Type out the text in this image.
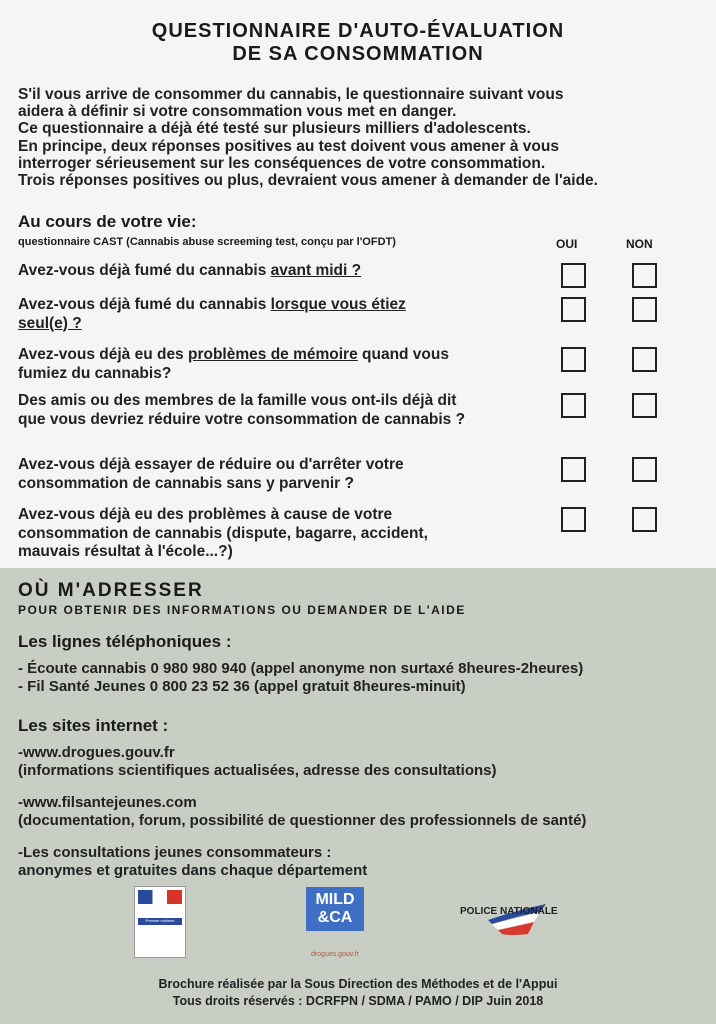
QUESTIONNAIRE D'AUTO-ÉVALUATION
DE SA CONSOMMATION
S'il vous arrive de consommer du cannabis, le questionnaire suivant vous
aidera à définir si votre consommation vous met en danger.
Ce questionnaire a déjà été testé sur plusieurs milliers d'adolescents.
En principe, deux réponses positives au test doivent vous amener à vous
interroger sérieusement sur les conséquences de votre consommation.
Trois réponses positives ou plus, devraient vous amener à demander de l'aide.
Au cours de votre vie:
questionnaire CAST (Cannabis abuse screeming test, conçu par l'OFDT)	OUI	NON
Avez-vous déjà fumé du cannabis avant midi ?
Avez-vous déjà fumé du cannabis lorsque vous étiez seul(e) ?
Avez-vous déjà eu des problèmes de mémoire quand vous fumiez du cannabis?
Des amis ou des membres de la famille vous ont-ils déjà dit que vous devriez réduire votre consommation de cannabis ?
Avez-vous déjà essayer de réduire ou d'arrêter votre consommation de cannabis sans y parvenir ?
Avez-vous déjà eu des problèmes à cause de votre consommation de cannabis (dispute, bagarre, accident, mauvais résultat à l'école...?)
OÙ M'ADRESSER
POUR OBTENIR DES INFORMATIONS OU DEMANDER DE L'AIDE
Les lignes téléphoniques :
- Écoute cannabis 0 980 980 940 (appel anonyme non surtaxé 8heures-2heures)
- Fil Santé Jeunes 0 800 23 52 36 (appel gratuit 8heures-minuit)
Les sites internet :
-www.drogues.gouv.fr
(informations scientifiques actualisées, adresse des consultations)
-www.filsantejeunes.com
(documentation, forum, possibilité de questionner des professionnels de santé)
-Les consultations jeunes consommateurs :
anonymes et gratuites dans chaque département
Premier ministre
MILD
&CA
drogues.gouv.fr
POLICE NATIONALE
Brochure réalisée par la Sous Direction des Méthodes et de l'Appui
Tous droits réservés : DCRFPN / SDMA / PAMO / DIP Juin 2018
